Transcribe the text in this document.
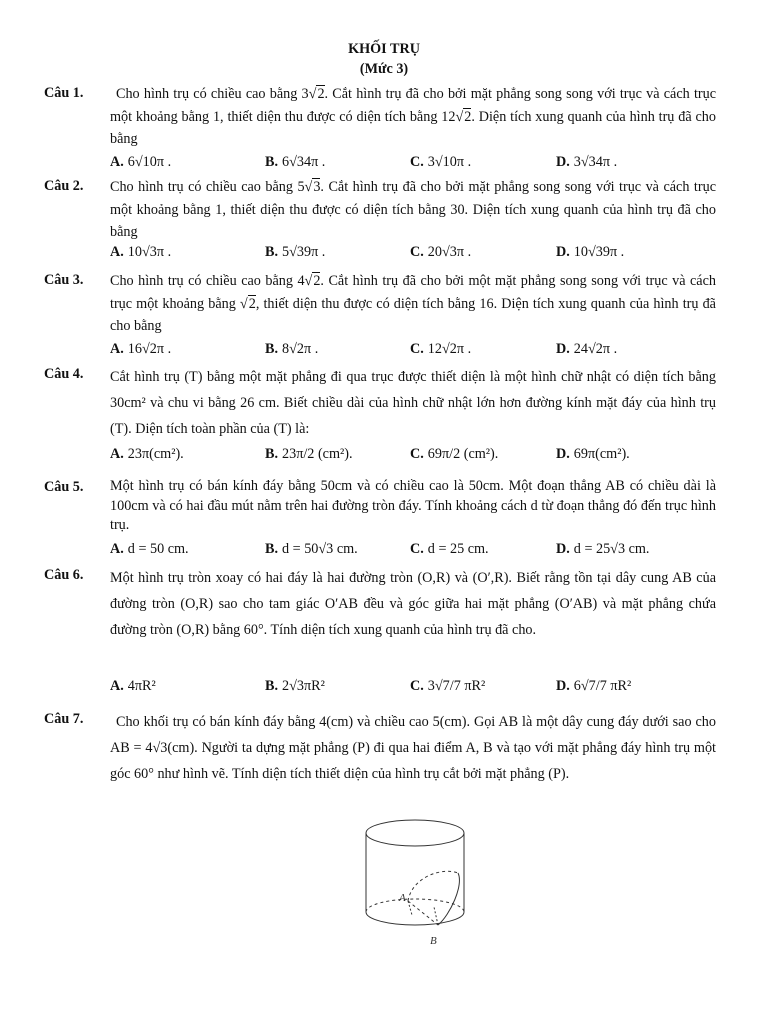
KHỐI TRỤ
(Mức 3)
Câu 1.	Cho hình trụ có chiều cao bằng 3√2. Cắt hình trụ đã cho bởi mặt phẳng song song với trục và cách trục một khoảng bằng 1, thiết diện thu được có diện tích bằng 12√2. Diện tích xung quanh của hình trụ đã cho bằng
A. 6√10π .	B. 6√34π .	C. 3√10π .	D. 3√34π .
Câu 2. Cho hình trụ có chiều cao bằng 5√3. Cắt hình trụ đã cho bởi mặt phẳng song song với trục và cách trục một khoảng bằng 1, thiết diện thu được có diện tích bằng 30. Diện tích xung quanh của hình trụ đã cho bằng
A. 10√3π .	B. 5√39π .	C. 20√3π .	D. 10√39π .
Câu 3. Cho hình trụ có chiều cao bằng 4√2. Cắt hình trụ đã cho bởi một mặt phẳng song song với trục và cách trục một khoảng bằng √2, thiết diện thu được có diện tích bằng 16. Diện tích xung quanh của hình trụ đã cho bằng
A. 16√2π .	B. 8√2π .	C. 12√2π .	D. 24√2π .
Câu 4. Cắt hình trụ (T) bằng một mặt phẳng đi qua trục được thiết diện là một hình chữ nhật có diện tích bằng 30cm² và chu vi bằng 26 cm. Biết chiều dài của hình chữ nhật lớn hơn đường kính mặt đáy của hình trụ (T). Diện tích toàn phần của (T) là:
A. 23π(cm²).	B. 23π/2 (cm²).	C. 69π/2 (cm²).	D. 69π(cm²).
Câu 5. Một hình trụ có bán kính đáy bằng 50cm và có chiều cao là 50cm. Một đoạn thẳng AB có chiều dài là 100cm và có hai đầu mút nằm trên hai đường tròn đáy. Tính khoảng cách d từ đoạn thẳng đó đến trục hình trụ.
A. d = 50 cm.	B. d = 50√3 cm.	C. d = 25 cm.	D. d = 25√3 cm.
Câu 6. Một hình trụ tròn xoay có hai đáy là hai đường tròn (O,R) và (O′,R). Biết rằng tồn tại dây cung AB của đường tròn (O,R) sao cho tam giác O′AB đều và góc giữa hai mặt phẳng (O′AB) và mặt phẳng chứa đường tròn (O,R) bằng 60°. Tính diện tích xung quanh của hình trụ đã cho.
A. 4πR²	B. 2√3πR²	C. 3√7/7 πR²	D. 6√7/7 πR²
Câu 7.	Cho khối trụ có bán kính đáy bằng 4(cm) và chiều cao 5(cm). Gọi AB là một dây cung đáy dưới sao cho AB = 4√3(cm). Người ta dựng mặt phẳng (P) đi qua hai điểm A, B và tạo với mặt phẳng đáy hình trụ một góc 60° như hình vẽ. Tính diện tích thiết diện của hình trụ cắt bởi mặt phẳng (P).
A
B
